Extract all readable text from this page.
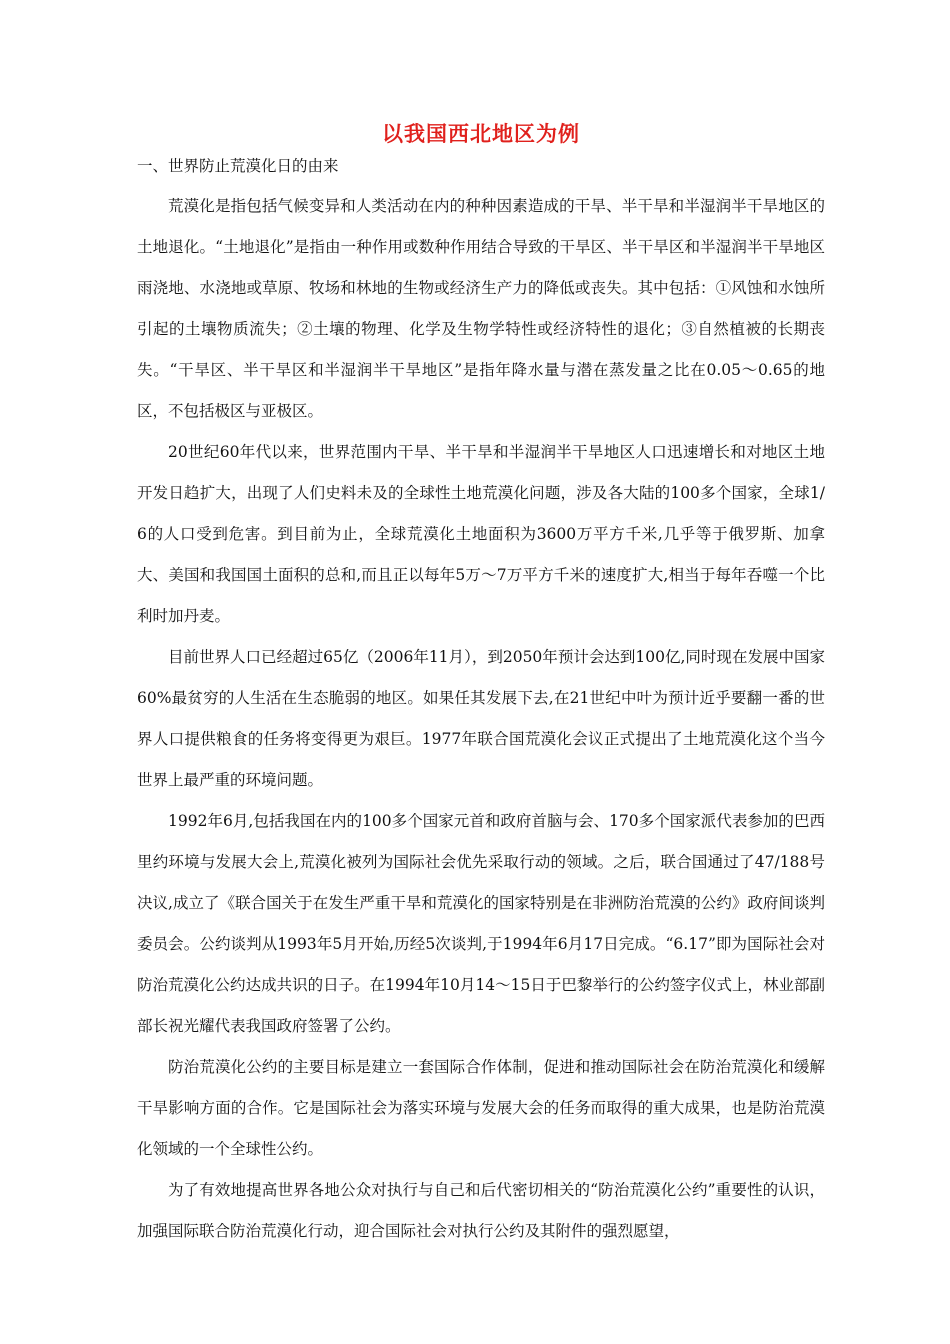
以我国西北地区为例
一、世界防止荒漠化日的由来

荒漠化是指包括气候变异和人类活动在内的种种因素造成的干旱、半干旱和半湿润半干旱地区的土地退化。“土地退化”是指由一种作用或数种作用结合导致的干旱区、半干旱区和半湿润半干旱地区雨浇地、水浇地或草原、牧场和林地的生物或经济生产力的降低或丧失。其中包括：①风蚀和水蚀所引起的土壤物质流失；②土壤的物理、化学及生物学特性或经济特性的退化；③自然植被的长期丧失。“干旱区、半干旱区和半湿润半干旱地区”是指年降水量与潜在蒸发量之比在0.05～0.65的地区，不包括极区与亚极区。

20世纪60年代以来，世界范围内干旱、半干旱和半湿润半干旱地区人口迅速增长和对地区土地开发日趋扩大，出现了人们史料未及的全球性土地荒漠化问题，涉及各大陆的100多个国家，全球1/6的人口受到危害。到目前为止，全球荒漠化土地面积为3600万平方千米,几乎等于俄罗斯、加拿大、美国和我国国土面积的总和,而且正以每年5万～7万平方千米的速度扩大,相当于每年吞噬一个比利时加丹麦。

目前世界人口已经超过65亿（2006年11月），到2050年预计会达到100亿,同时现在发展中国家60%最贫穷的人生活在生态脆弱的地区。如果任其发展下去,在21世纪中叶为预计近乎要翻一番的世界人口提供粮食的任务将变得更为艰巨。1977年联合国荒漠化会议正式提出了土地荒漠化这个当今世界上最严重的环境问题。

1992年6月,包括我国在内的100多个国家元首和政府首脑与会、170多个国家派代表参加的巴西里约环境与发展大会上,荒漠化被列为国际社会优先采取行动的领域。之后，联合国通过了47/188号决议,成立了《联合国关于在发生严重干旱和荒漠化的国家特别是在非洲防治荒漠的公约》政府间谈判委员会。公约谈判从1993年5月开始,历经5次谈判,于1994年6月17日完成。“6.17”即为国际社会对防治荒漠化公约达成共识的日子。在1994年10月14～15日于巴黎举行的公约签字仪式上，林业部副部长祝光耀代表我国政府签署了公约。

防治荒漠化公约的主要目标是建立一套国际合作体制，促进和推动国际社会在防治荒漠化和缓解干旱影响方面的合作。它是国际社会为落实环境与发展大会的任务而取得的重大成果，也是防治荒漠化领域的一个全球性公约。

为了有效地提高世界各地公众对执行与自己和后代密切相关的“防治荒漠化公约”重要性的认识，加强国际联合防治荒漠化行动，迎合国际社会对执行公约及其附件的强烈愿望，
